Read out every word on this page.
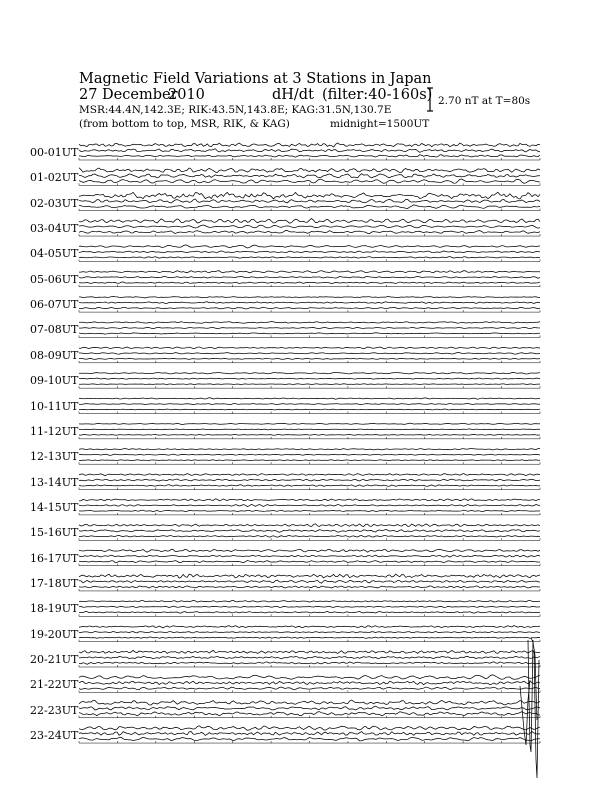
Magnetic Field Variations at 3 Stations in Japan
27 December
2010	dH/dt (filter:40-160s)
MSR:44.4N,142.3E; RIK:43.5N,143.8E; KAG:31.5N,130.7E
(from bottom to top, MSR, RIK, & KAG)	midnight=1500UT
2.70 nT at T=80s
00-01UT
01-02UT
02-03UT
03-04UT
04-05UT
05-06UT
06-07UT
07-08UT
08-09UT
09-10UT
10-11UT
11-12UT
12-13UT
13-14UT
14-15UT
15-16UT
16-17UT
17-18UT
18-19UT
19-20UT
20-21UT
21-22UT
22-23UT
23-24UT
